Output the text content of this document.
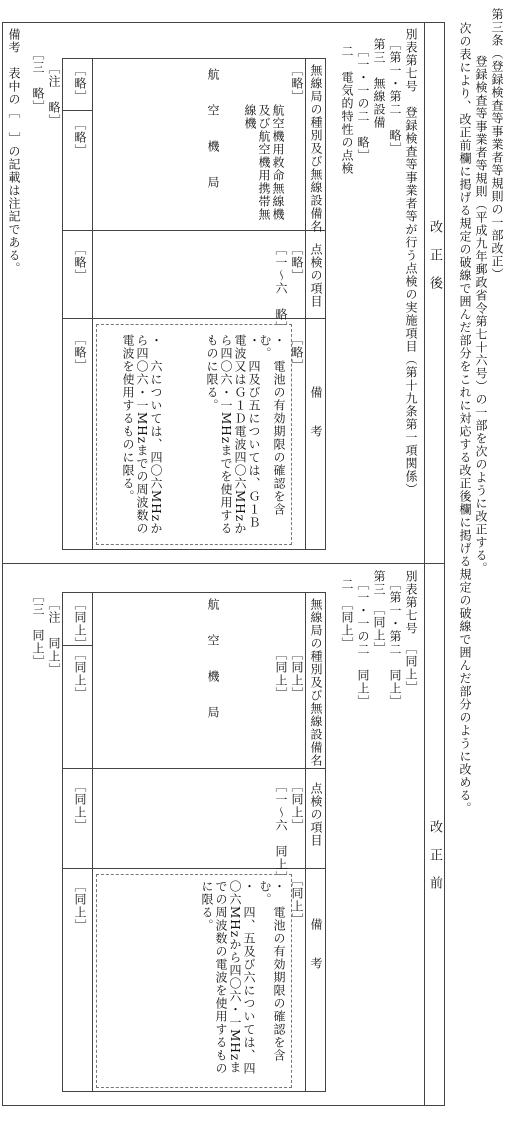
第三条（登録検査等事業者等規則の一部改正）
登録検査等事業者等規則（平成九年郵政省令第七十六号）の一部を次のように改正する。
次の表により、改正前欄に掲げる規定の破線で囲んだ部分をこれに対応する改正後欄に掲げる規定の破線で囲んだ部分のように改める。
改　正　後
別表第七号　登録検査等事業者等が行う点検の実施項目（第十九条第一項関係）
［第一・第二　略］
第三　無線設備
［一・一の二　略］
二　電気的特性の点検
無線局の種別及び無線設備名
点検の項目
備　　考
［略］
［略］
［略］
航　空　機　局	航空機用救命無線機及び航空機用携帯無線機
［一～六　略］
・　電池の有効期限の確認を含む。
・　四及び五については、Ｇ１Ｂ電波又はＧ１Ｄ電波四〇六MHzから四〇六・一MHzまでを使用するものに限る。
・　六については、四〇六MHzから四〇六・一MHzまでの周波数の電波を使用するものに限る。
［略］
［略］
［略］
［略］
［注　略］
［三　略］
改　正　前
別表第七号　［同上］
［第一・第二　同上］
第三　［同上］
［一・一の二　同上］
二　［同上］
無線局の種別及び無線設備名
点検の項目
備　　考
［同上］
［同上］
［同上］
航　空　機　局	［同上］
［一～六　同上］
・　電池の有効期限の確認を含む。
・　四、五及び六については、四〇六MHzから四〇六・一MHzまでの周波数の電波を使用するものに限る。
［同上］
［同上］
［同上］
［同上］
［注　同上］
［三　同上］
備考　表中の［　］の記載は注記である。
